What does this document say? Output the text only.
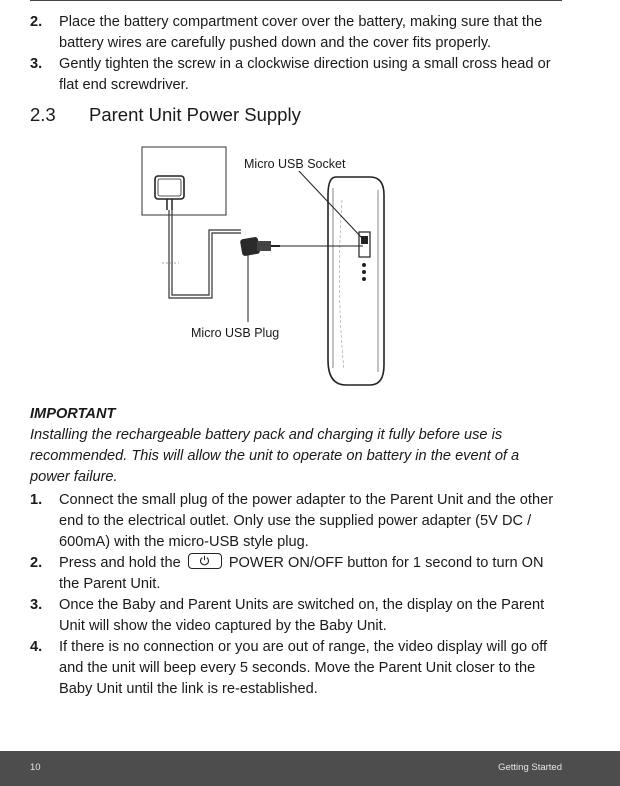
2. Place the battery compartment cover over the battery, making sure that the battery wires are carefully pushed down and the cover fits properly.
3. Gently tighten the screw in a clockwise direction using a small cross head or flat end screwdriver.
2.3	Parent Unit Power Supply
Micro USB Socket
Micro USB Plug
IMPORTANT
Installing the rechargeable battery pack and charging it fully before use is recommended. This will allow the unit to operate on battery in the event of a power failure.
1. Connect the small plug of the power adapter to the Parent Unit and the other end to the electrical outlet. Only use the supplied power adapter (5V DC / 600mA) with the micro-USB style plug.
2. Press and hold the	POWER ON/OFF button for 1 second to turn ON the Parent Unit.
3. Once the Baby and Parent Units are switched on, the display on the Parent Unit will show the video captured by the Baby Unit.
4. If there is no connection or you are out of range, the video display will go off and the unit will beep every 5 seconds. Move the Parent Unit closer to the Baby Unit until the link is re-established.
10	Getting Started
